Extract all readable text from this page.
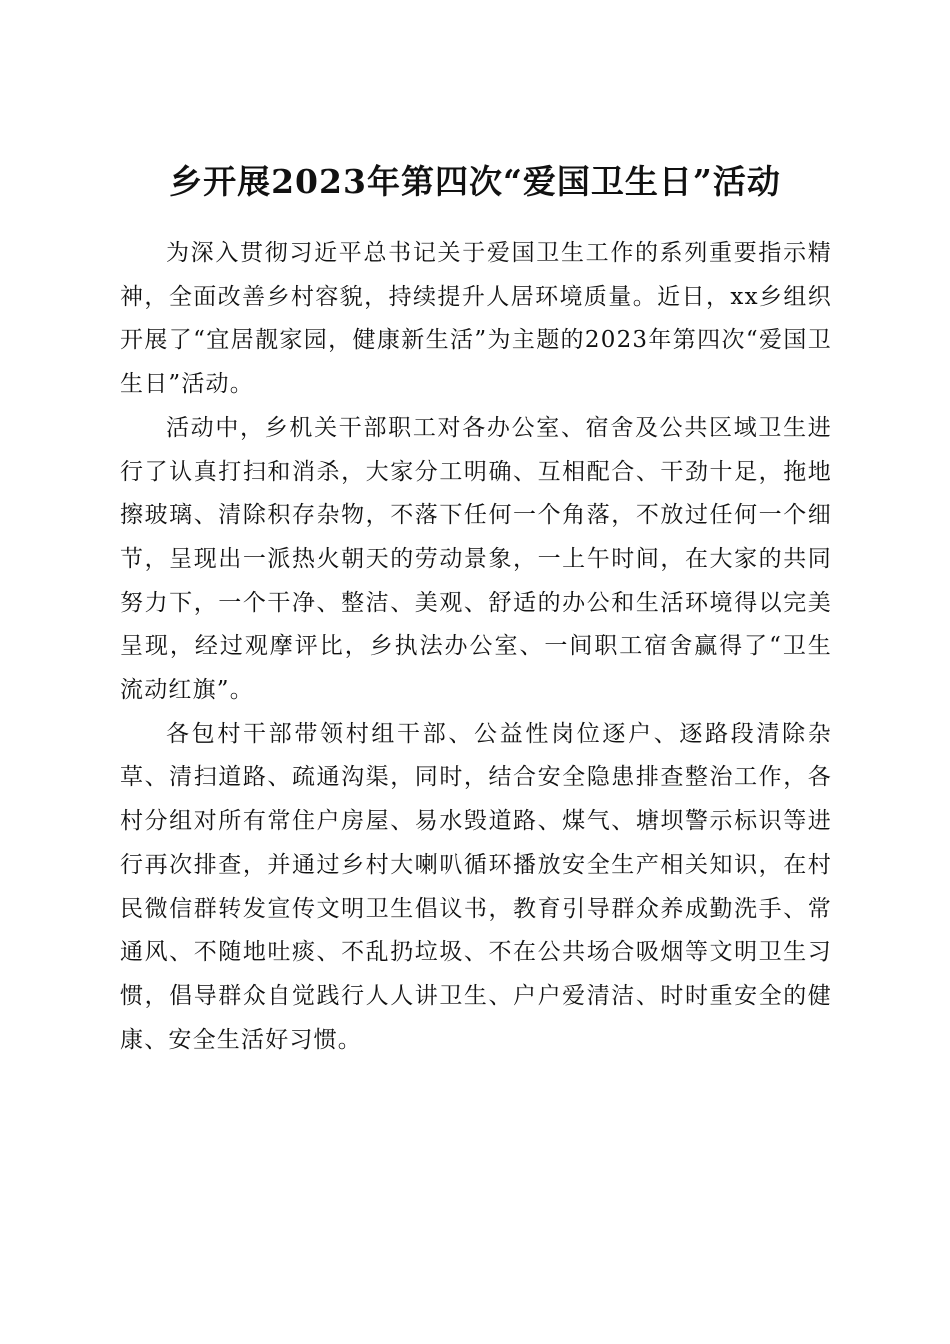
乡开展2023年第四次“爱国卫生日”活动

为深入贯彻习近平总书记关于爱国卫生工作的系列重要指示精神，全面改善乡村容貌，持续提升人居环境质量。近日，xx乡组织开展了“宜居靓家园，健康新生活”为主题的2023年第四次“爱国卫生日”活动。

活动中，乡机关干部职工对各办公室、宿舍及公共区域卫生进行了认真打扫和消杀，大家分工明确、互相配合、干劲十足，拖地擦玻璃、清除积存杂物，不落下任何一个角落，不放过任何一个细节，呈现出一派热火朝天的劳动景象，一上午时间，在大家的共同努力下，一个干净、整洁、美观、舒适的办公和生活环境得以完美呈现，经过观摩评比，乡执法办公室、一间职工宿舍赢得了“卫生流动红旗”。

各包村干部带领村组干部、公益性岗位逐户、逐路段清除杂草、清扫道路、疏通沟渠，同时，结合安全隐患排查整治工作，各村分组对所有常住户房屋、易水毁道路、煤气、塘坝警示标识等进行再次排查，并通过乡村大喇叭循环播放安全生产相关知识，在村民微信群转发宣传文明卫生倡议书，教育引导群众养成勤洗手、常通风、不随地吐痰、不乱扔垃圾、不在公共场合吸烟等文明卫生习惯，倡导群众自觉践行人人讲卫生、户户爱清洁、时时重安全的健康、安全生活好习惯。
